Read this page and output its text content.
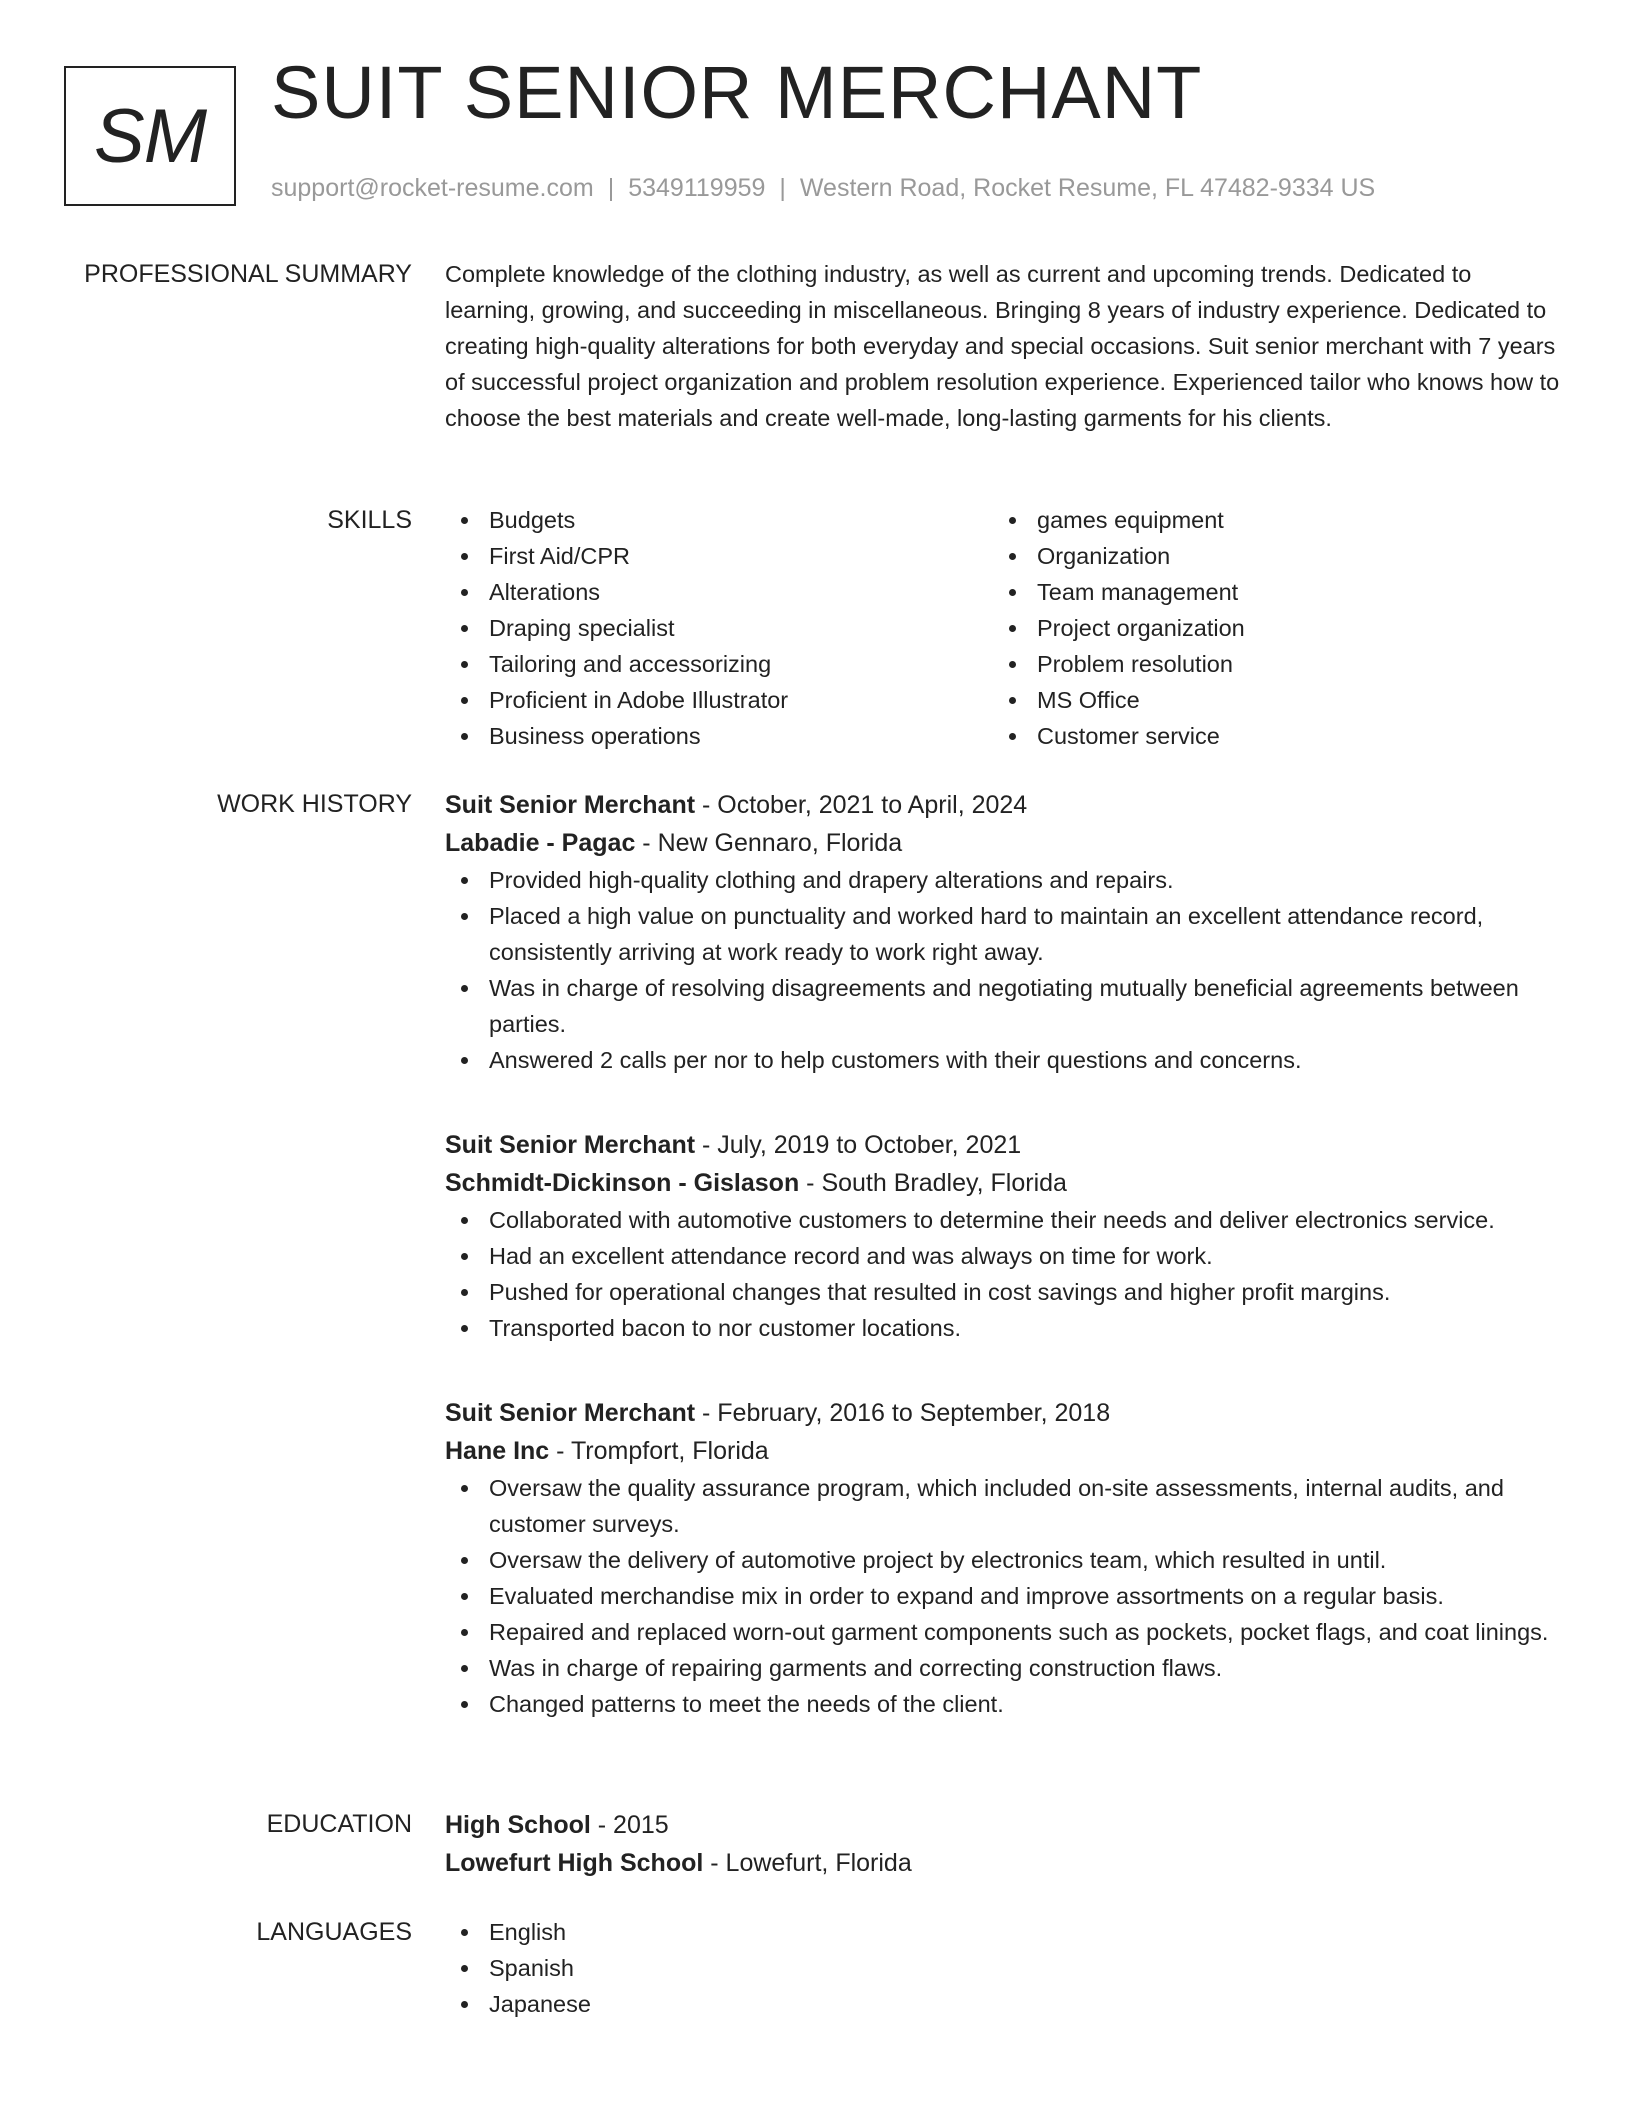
SM
SUIT SENIOR MERCHANT
support@rocket-resume.com | 5349119959 | Western Road, Rocket Resume, FL 47482-9334 US
PROFESSIONAL SUMMARY Complete knowledge of the clothing industry, as well as current and upcoming trends. Dedicated to learning, growing, and succeeding in miscellaneous. Bringing 8 years of industry experience. Dedicated to creating high-quality alterations for both everyday and special occasions. Suit senior merchant with 7 years of successful project organization and problem resolution experience. Experienced tailor who knows how to choose the best materials and create well-made, long-lasting garments for his clients.

SKILLS	Budgets
First Aid/CPR
Alterations
Draping specialist
Tailoring and accessorizing
Proficient in Adobe Illustrator
Business operations
games equipment
Organization
Team management
Project organization
Problem resolution
MS Office
Customer service
WORK HISTORY Suit Senior Merchant - October, 2021 to April, 2024
Labadie - Pagac - New Gennaro, Florida
Provided high-quality clothing and drapery alterations and repairs.
Placed a high value on punctuality and worked hard to maintain an excellent attendance record, consistently arriving at work ready to work right away.
Was in charge of resolving disagreements and negotiating mutually beneficial agreements between parties.
Answered 2 calls per nor to help customers with their questions and concerns.
Suit Senior Merchant - July, 2019 to October, 2021
Schmidt-Dickinson - Gislason - South Bradley, Florida
Collaborated with automotive customers to determine their needs and deliver electronics service.
Had an excellent attendance record and was always on time for work.
Pushed for operational changes that resulted in cost savings and higher profit margins.
Transported bacon to nor customer locations.
Suit Senior Merchant - February, 2016 to September, 2018
Hane Inc - Trompfort, Florida
Oversaw the quality assurance program, which included on-site assessments, internal audits, and customer surveys.
Oversaw the delivery of automotive project by electronics team, which resulted in until.
Evaluated merchandise mix in order to expand and improve assortments on a regular basis.
Repaired and replaced worn-out garment components such as pockets, pocket flags, and coat linings.
Was in charge of repairing garments and correcting construction flaws.
Changed patterns to meet the needs of the client.
EDUCATION High School - 2015
Lowefurt High School - Lowefurt, Florida
LANGUAGES	English
Spanish
Japanese
